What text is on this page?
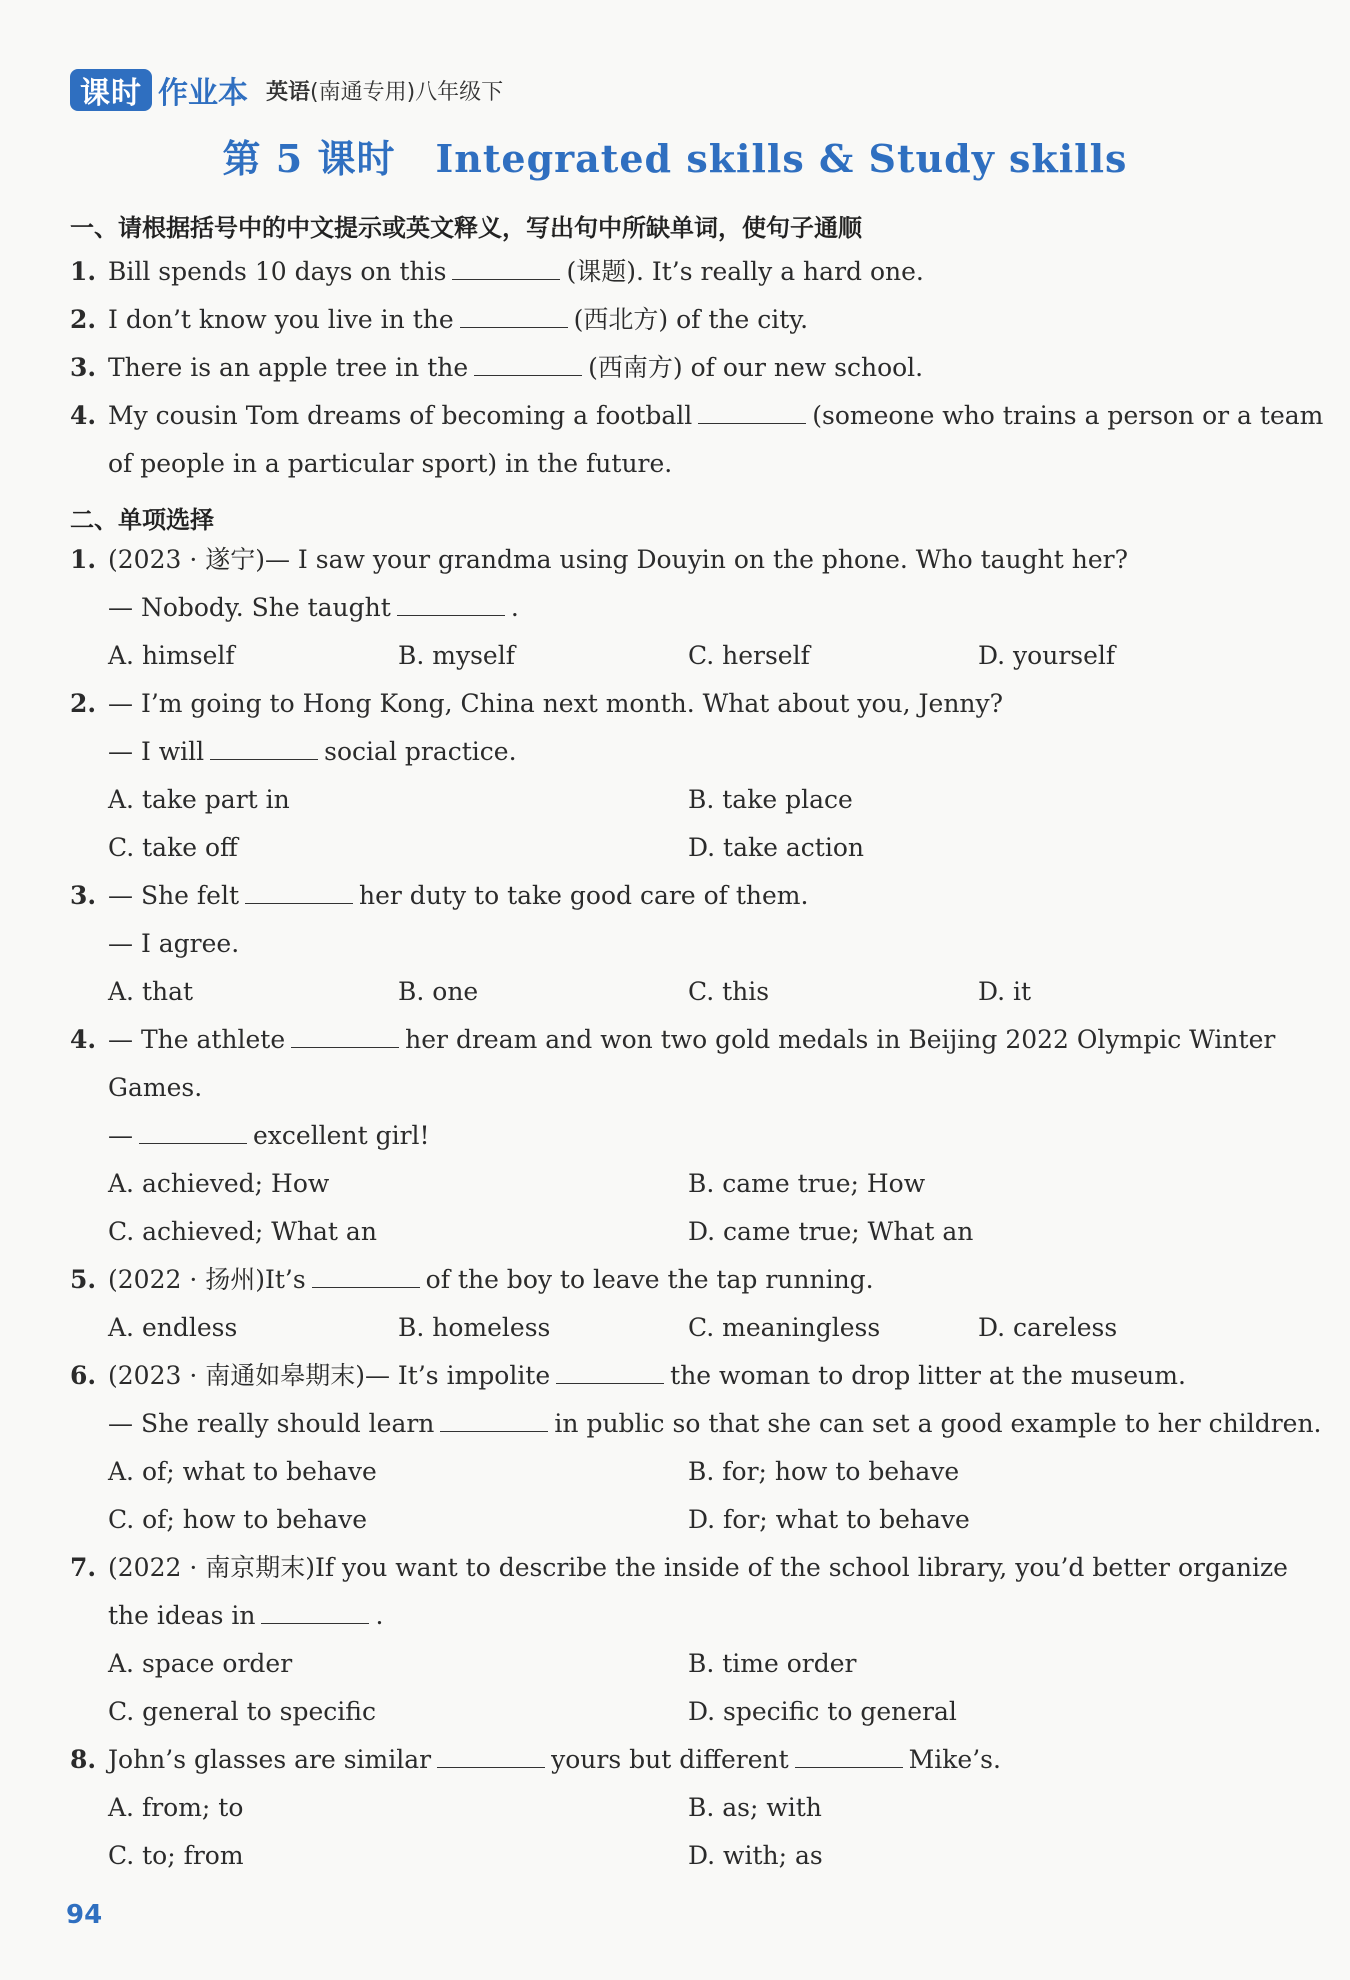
课时 作业本 英语(南通专用)八年级下
第 5 课时 Integrated skills & Study skills
一、请根据括号中的中文提示或英文释义，写出句中所缺单词，使句子通顺
1. Bill spends 10 days on this	(课题). It’s really a hard one.
2. I don’t know you live in the	(西北方) of the city.
3. There is an apple tree in the	(西南方) of our new school.
4. My cousin Tom dreams of becoming a football	(someone who trains a person or a team
of people in a particular sport) in the future.
二、单项选择
1. (2023 · 遂宁)— I saw your grandma using Douyin on the phone. Who taught her?
— Nobody. She taught	.
A. himself	B. myself	C. herself	D. yourself
2. — I’m going to Hong Kong, China next month. What about you, Jenny?
— I will	social practice.
A. take part in	B. take place
C. take off	D. take action
3. — She felt	her duty to take good care of them.
— I agree.
A. that	B. one	C. this	D. it
4. — The athlete	her dream and won two gold medals in Beijing 2022 Olympic Winter
Games.
—	excellent girl!
A. achieved; How	B. came true; How
C. achieved; What an	D. came true; What an
5. (2022 · 扬州)It’s	of the boy to leave the tap running.
A. endless	B. homeless	C. meaningless	D. careless
6. (2023 · 南通如皋期末)— It’s impolite	the woman to drop litter at the museum.
— She really should learn	in public so that she can set a good example to her children.
A. of; what to behave	B. for; how to behave
C. of; how to behave	D. for; what to behave
7. (2022 · 南京期末)If you want to describe the inside of the school library, you’d better organize
the ideas in	.
A. space order	B. time order
C. general to specific	D. specific to general
8. John’s glasses are similar	yours but different	Mike’s.
A. from; to	B. as; with
C. to; from	D. with; as
94
